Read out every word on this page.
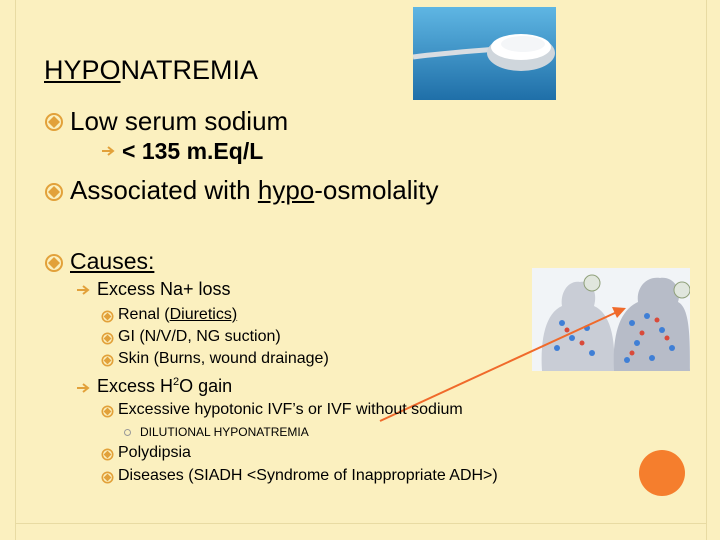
HYPONATREMIA
Low serum sodium
< 135 m.Eq/L
Associated with hypo-osmolality
Causes:
Excess Na+ loss
Renal (Diuretics)
GI (N/V/D, NG suction)
Skin (Burns, wound drainage)
Excess $H^2O$ gain
Excessive hypotonic IVF’s or IVF without sodium
DILUTIONAL HYPONATREMIA
Polydipsia
Diseases (SIADH <Syndrome of Inappropriate ADH>)
